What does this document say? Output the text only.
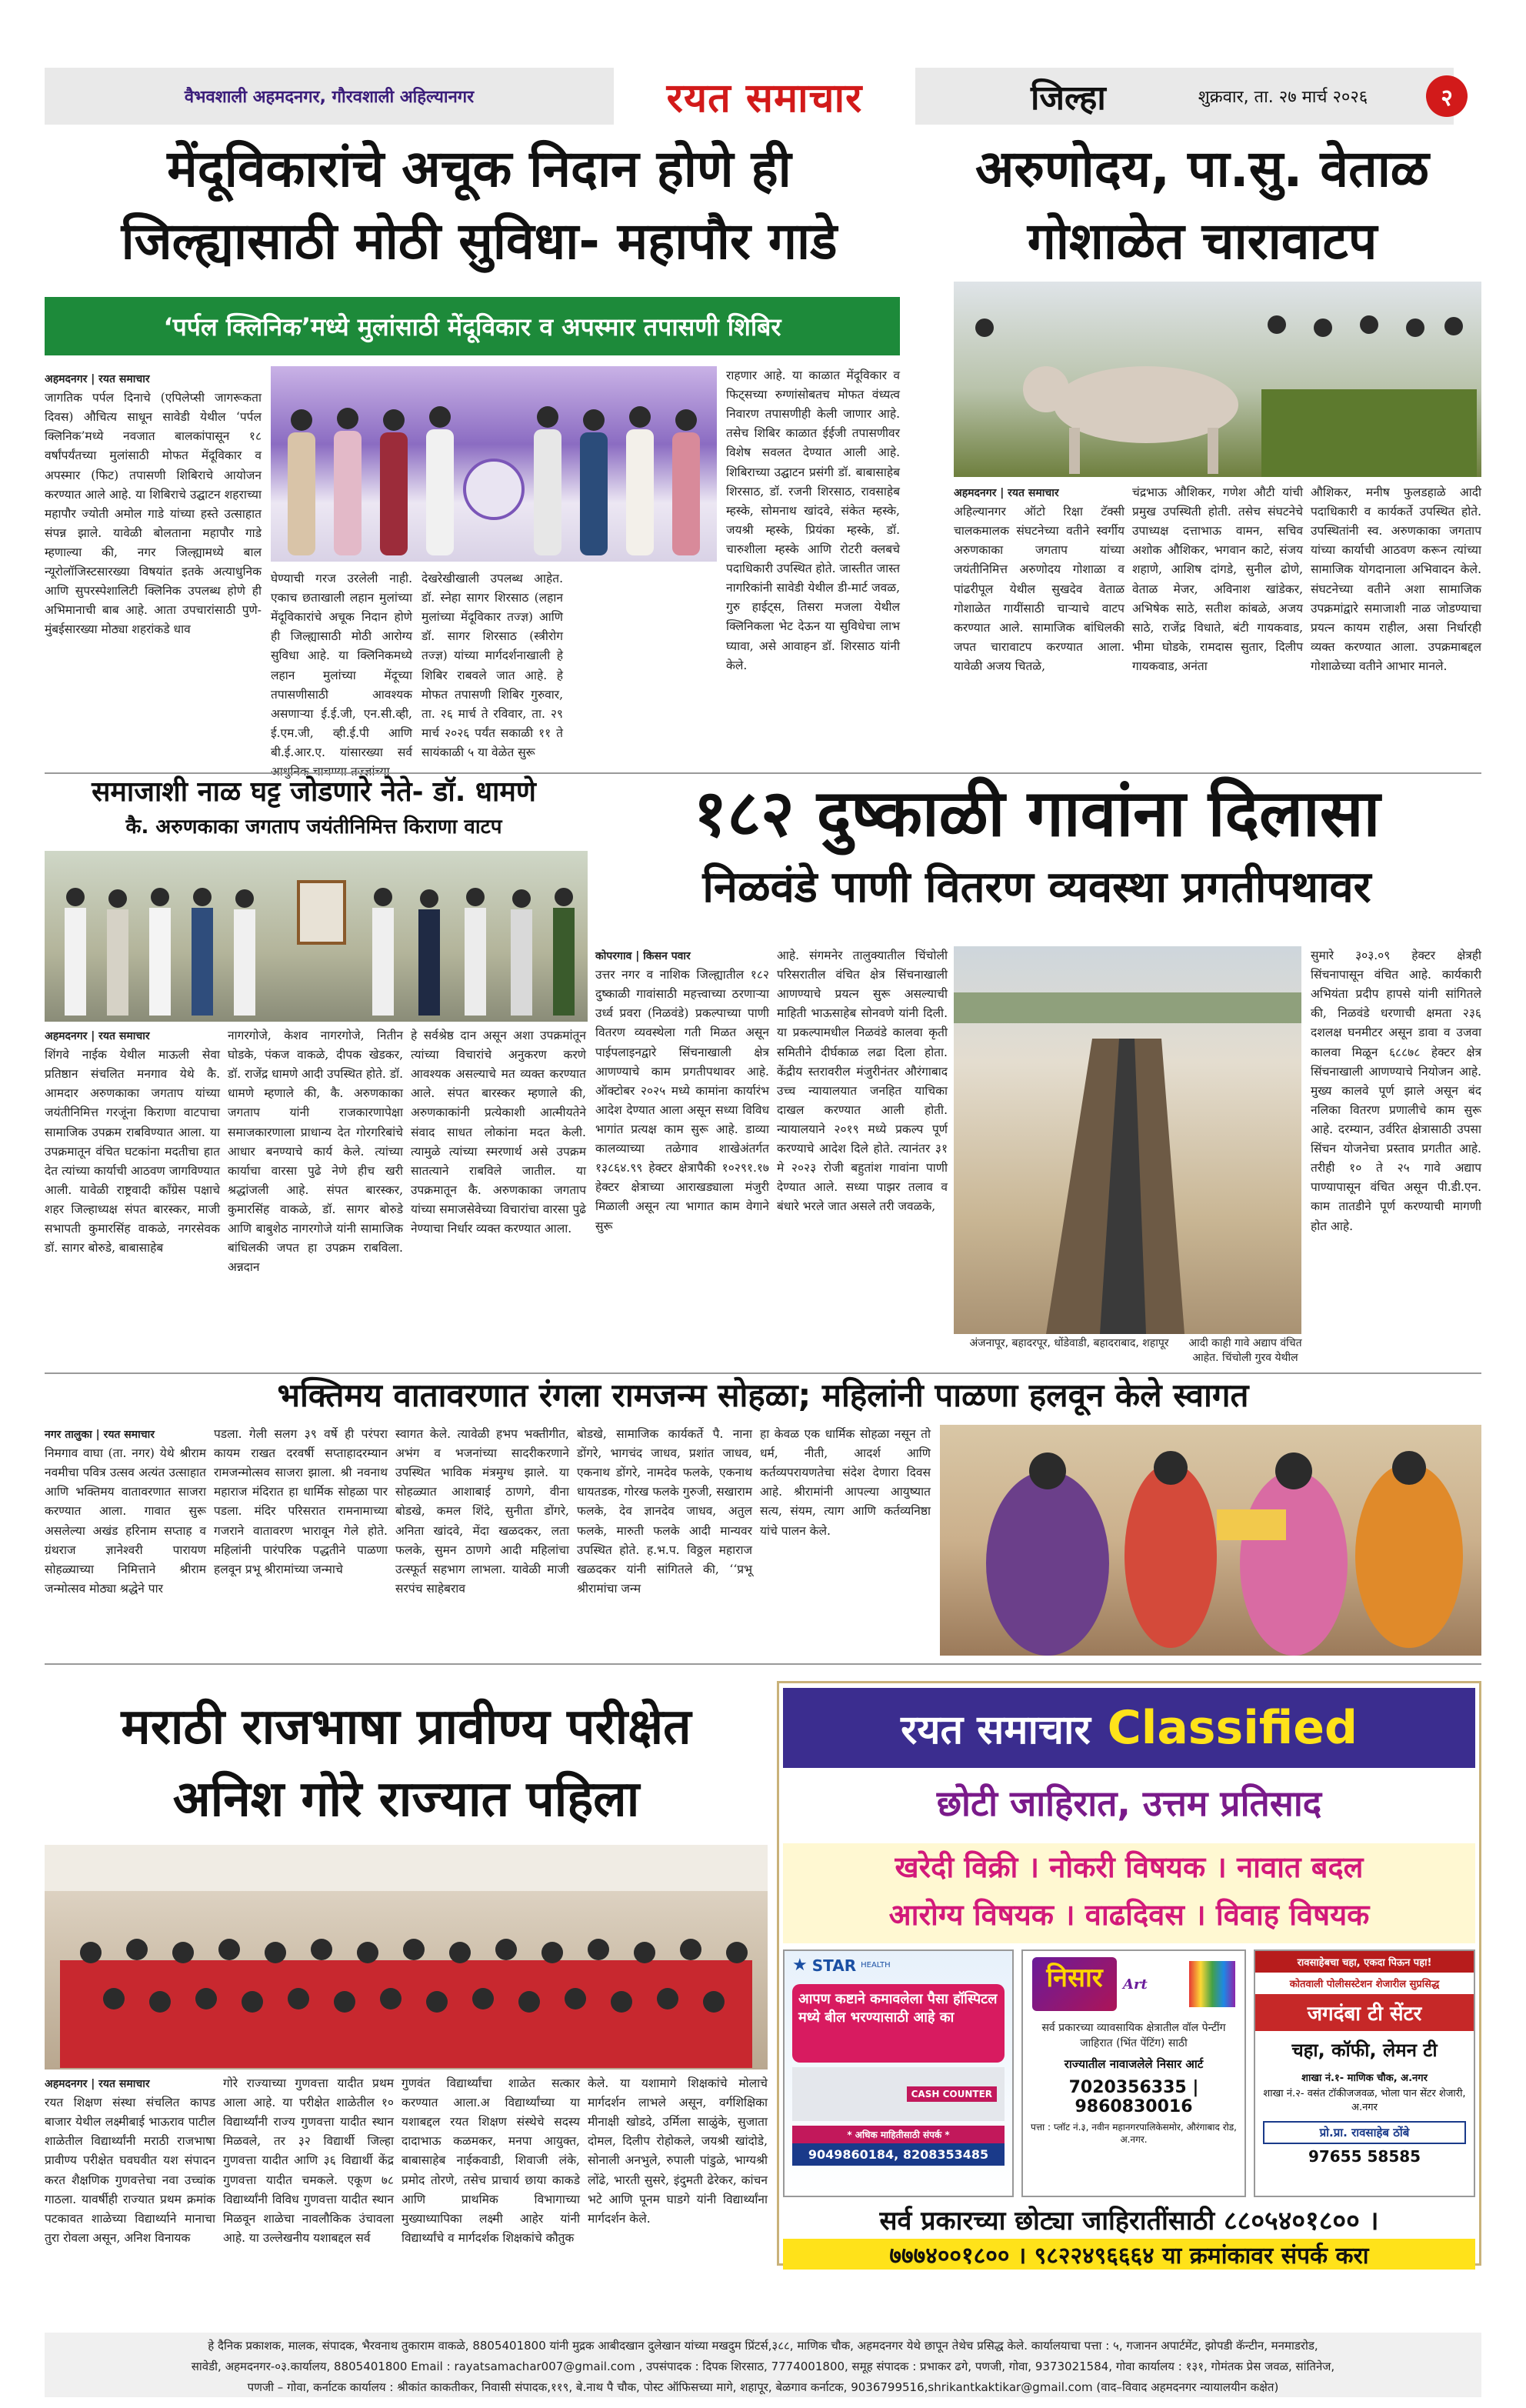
वैभवशाली अहमदनगर, गौरवशाली अहिल्यानगर	रयत समाचार	जिल्हा	शुक्रवार, ता. २७ मार्च २०२६	२
मेंदूविकारांचे अचूक निदान होणे ही
जिल्ह्यासाठी मोठी सुविधा- महापौर गाडे
‘पर्पल क्लिनिक’मध्ये मुलांसाठी मेंदूविकार व अपस्मार तपासणी शिबिर
अहमदनगर | रयत समाचार
जागतिक पर्पल दिनाचे (एपिलेप्सी जागरूकता दिवस) औचित्य साधून सावेडी येथील ‘पर्पल क्लिनिक’मध्ये नवजात बालकांपासून १८ वर्षांपर्यंतच्या मुलांसाठी मोफत मेंदूविकार व अपस्मार (फिट) तपासणी शिबिराचे आयोजन करण्यात आले आहे. या शिबिराचे उद्घाटन शहराच्या महापौर ज्योती अमोल गाडे यांच्या हस्ते उत्साहात संपन्न झाले. यावेळी बोलताना महापौर गाडे म्हणाल्या की, नगर जिल्ह्यामध्ये बाल न्यूरोलॉजिस्टसारख्या विषयांत इतके अत्याधुनिक आणि सुपरस्पेशालिटी क्लिनिक उपलब्ध होणे ही अभिमानाची बाब आहे. आता उपचारांसाठी पुणे-मुंबईसारख्या मोठ्या शहरांकडे धाव
घेण्याची गरज उरलेली नाही. एकाच छताखाली लहान मुलांच्या मेंदूविकारांचे अचूक निदान होणे ही जिल्ह्यासाठी मोठी आरोग्य सुविधा आहे. या क्लिनिकमध्ये लहान मुलांच्या मेंदूच्या तपासणीसाठी आवश्यक असणाऱ्या ई.ई.जी, एन.सी.व्ही, ई.एम.जी, व्ही.ई.पी आणि बी.ई.आर.ए. यांसारख्या सर्व
देखरेखीखाली उपलब्ध आहेत. डॉ. स्नेहा सागर शिरसाठ (लहान मुलांच्या मेंदूविकार तज्ज्ञ) आणि डॉ. सागर शिरसाठ (स्त्रीरोग तज्ज्ञ) यांच्या मार्गदर्शनाखाली हे शिबिर राबवले जात आहे. हे मोफत तपासणी शिबिर गुरुवार, ता. २६ मार्च ते रविवार, ता. २९ मार्च २०२६ पर्यंत सकाळी ११ ते सायंकाळी ५ या वेळेत सुरू
राहणार आहे. या काळात मेंदूविकार व फिट्सच्या रुग्णांसोबतच मोफत वंध्यत्व निवारण तपासणीही केली जाणार आहे. तसेच शिबिर काळात ईईजी तपासणीवर विशेष सवलत देण्यात आली आहे. शिबिराच्या उद्घाटन प्रसंगी डॉ. बाबासाहेब शिरसाठ, डॉ. रजनी शिरसाठ, रावसाहेब म्हस्के, सोमनाथ खांदवे, संकेत म्हस्के, जयश्री म्हस्के, प्रियंका म्हस्के, डॉ. चारुशीला म्हस्के आणि रोटरी क्लबचे पदाधिकारी उपस्थित होते. जास्तीत जास्त नागरिकांनी सावेडी येथील डी-मार्ट जवळ, गुरु हाईट्स, तिसरा मजला येथील क्लिनिकला भेट देऊन या सुविधेचा लाभ घ्यावा, असे आवाहन डॉ. शिरसाठ यांनी केले.
अरुणोदय, पा.सु. वेताळ
गोशाळेत चारावाटप
अहमदनगर | रयत समाचार
अहिल्यानगर ऑटो रिक्षा टॅक्सी चालकमालक संघटनेच्या वतीने स्वर्गीय अरुणकाका जगताप यांच्या जयंतीनिमित्त अरुणोदय गोशाळा व पांढरीपूल येथील सुखदेव वेताळ गोशाळेत गायींसाठी चाऱ्याचे वाटप करण्यात आले. सामाजिक बांधिलकी जपत चारावाटप करण्यात आला. यावेळी अजय चितळे,
चंद्रभाऊ औशिकर, गणेश औटी यांची प्रमुख उपस्थिती होती. तसेच संघटनेचे उपाध्यक्ष दत्ताभाऊ वामन, सचिव अशोक औशिकर, भगवान काटे, संजय शहाणे, आशिष दांगडे, सुनील ढोणे, वेताळ मेजर, अविनाश खांडेकर, अभिषेक साठे, सतीश कांबळे, अजय साठे, राजेंद्र विधाते, बंटी गायकवाड, भीमा घोडके, रामदास सुतार, दिलीप गायकवाड, अनंता
औशिकर, मनीष फुलडहाळे आदी पदाधिकारी व कार्यकर्ते उपस्थित होते. उपस्थितांनी स्व. अरुणकाका जगताप यांच्या कार्याची आठवण करून त्यांच्या सामाजिक योगदानाला अभिवादन केले. संघटनेच्या वतीने अशा सामाजिक उपक्रमांद्वारे समाजाशी नाळ जोडण्याचा प्रयत्न कायम राहील, असा निर्धारही व्यक्त करण्यात आला. उपक्रमाबद्दल गोशाळेच्या वतीने आभार मानले.
समाजाशी नाळ घट्ट जोडणारे नेते- डॉ. धामणे
कै. अरुणकाका जगताप जयंतीनिमित्त किराणा वाटप
अहमदनगर | रयत समाचार
शिंगवे नाईक येथील माऊली सेवा प्रतिष्ठान संचलित मनगाव येथे कै. आमदार अरुणकाका जगताप यांच्या जयंतीनिमित्त गरजूंना किराणा वाटपाचा सामाजिक उपक्रम राबविण्यात आला. या उपक्रमातून वंचित घटकांना मदतीचा हात देत त्यांच्या कार्याची आठवण जागविण्यात आली. यावेळी राष्ट्रवादी काँग्रेस पक्षाचे शहर जिल्हाध्यक्ष संपत बारस्कर, माजी सभापती कुमारसिंह वाकळे, नगरसेवक डॉ. सागर बोरुडे, बाबासाहेब
नागरगोजे, केशव नागरगोजे, नितीन घोडके, पंकज वाकळे, दीपक खेडकर, डॉ. राजेंद्र धामणे आदी उपस्थित होते. डॉ. धामणे म्हणाले की, कै. अरुणकाका जगताप यांनी राजकारणापेक्षा समाजकारणाला प्राधान्य देत गोरगरिबांचे आधार बनण्याचे कार्य केले. त्यांच्या कार्याचा वारसा पुढे नेणे हीच खरी श्रद्धांजली आहे. संपत बारस्कर, कुमारसिंह वाकळे, डॉ. सागर बोरुडे आणि बाबुशेठ नागरगोजे यांनी सामाजिक बांधिलकी जपत हा उपक्रम राबविला. अन्नदान
हे सर्वश्रेष्ठ दान असून अशा उपक्रमांतून त्यांच्या विचारांचे अनुकरण करणे आवश्यक असल्याचे मत व्यक्त करण्यात आले. संपत बारस्कर म्हणाले की, अरुणकाकांनी प्रत्येकाशी आत्मीयतेने संवाद साधत लोकांना मदत केली. त्यामुळे त्यांच्या स्मरणार्थ असे उपक्रम सातत्याने राबविले जातील. या उपक्रमातून कै. अरुणकाका जगताप यांच्या समाजसेवेच्या विचारांचा वारसा पुढे नेण्याचा निर्धार व्यक्त करण्यात आला.
१८२ दुष्काळी गावांना दिलासा
निळवंडे पाणी वितरण व्यवस्था प्रगतीपथावर
कोपरगाव | किसन पवार
उत्तर नगर व नाशिक जिल्ह्यातील १८२ दुष्काळी गावांसाठी महत्त्वाच्या ठरणाऱ्या उर्ध्व प्रवरा (निळवंडे) प्रकल्पाच्या पाणी वितरण व्यवस्थेला गती मिळत असून पाईपलाइनद्वारे सिंचनाखाली क्षेत्र आणण्याचे काम प्रगतीपथावर आहे. ऑक्टोबर २०२५ मध्ये कामांना कार्यारंभ आदेश देण्यात आला असून सध्या विविध भागांत प्रत्यक्ष काम सुरू आहे. डाव्या कालव्याच्या तळेगाव शाखेअंतर्गत १३८६४.९९ हेक्टर क्षेत्रापैकी १०२९१.१७ हेक्टर क्षेत्राच्या आराखड्याला मंजुरी मिळाली असून त्या भागात काम वेगाने सुरू
आहे. संगमनेर तालुक्यातील चिंचोली परिसरातील वंचित क्षेत्र सिंचनाखाली आणण्याचे प्रयत्न सुरू असल्याची माहिती भाऊसाहेब सोनवणे यांनी दिली. या प्रकल्पामधील निळवंडे कालवा कृती समितीने दीर्घकाळ लढा दिला होता. केंद्रीय स्तरावरील मंजुरीनंतर औरंगाबाद उच्च न्यायालयात जनहित याचिका दाखल करण्यात आली होती. न्यायालयाने २०१९ मध्ये प्रकल्प पूर्ण करण्याचे आदेश दिले होते. त्यानंतर ३१ मे २०२३ रोजी बहुतांश गावांना पाणी देण्यात आले. सध्या पाझर तलाव व बंधारे भरले जात असले तरी जवळके,
अंजनापूर, बहादरपूर, धोंडेवाडी, बहादराबाद, शहापूर	आदी काही गावे अद्याप वंचित आहेत. चिंचोली गुरव येथील
सुमारे ३०३.०९ हेक्टर क्षेत्रही सिंचनापासून वंचित आहे. कार्यकारी अभियंता प्रदीप हापसे यांनी सांगितले की, निळवंडे धरणाची क्षमता २३६ दशलक्ष घनमीटर असून डावा व उजवा कालवा मिळून ६८८७८ हेक्टर क्षेत्र सिंचनाखाली आणण्याचे नियोजन आहे. मुख्य कालवे पूर्ण झाले असून बंद नलिका वितरण प्रणालीचे काम सुरू आहे. दरम्यान, उर्वरित क्षेत्रासाठी उपसा सिंचन योजनेचा प्रस्ताव प्रगतीत आहे. तरीही १० ते २५ गावे अद्याप पाण्यापासून वंचित असून पी.डी.एन. काम तातडीने पूर्ण करण्याची मागणी होत आहे.
भक्तिमय वातावरणात रंगला रामजन्म सोहळा; महिलांनी पाळणा हलवून केले स्वागत
नगर तालुका | रयत समाचार
निमगाव वाघा (ता. नगर) येथे श्रीराम नवमीचा पवित्र उत्सव अत्यंत उत्साहात आणि भक्तिमय वातावरणात साजरा करण्यात आला. गावात सुरू असलेल्या अखंड हरिनाम सप्ताह व ग्रंथराज ज्ञानेश्वरी पारायण सोहळ्याच्या निमित्ताने श्रीराम जन्मोत्सव मोठ्या श्रद्धेने पार
पडला. गेली सलग ३९ वर्षे ही परंपरा कायम राखत दरवर्षी सप्ताहादरम्यान रामजन्मोत्सव साजरा झाला. श्री नवनाथ महाराज मंदिरात हा धार्मिक सोहळा पार पडला. मंदिर परिसरात रामनामाच्या गजराने वातावरण भारावून गेले होते. महिलांनी पारंपरिक पद्धतीने पाळणा हलवून प्रभू श्रीरामांच्या जन्माचे
स्वागत केले. त्यावेळी हभप भक्तीगीत, अभंग व भजनांच्या सादरीकरणाने उपस्थित भाविक मंत्रमुग्ध झाले. या सोहळ्यात आशाबाई ठाणगे, वीना बोडखे, कमल शिंदे, सुनीता डोंगरे, अनिता खांदवे, मेंदा खळदकर, लता फलके, सुमन ठाणगे आदी महिलांचा उत्स्फूर्त सहभाग लाभला. यावेळी माजी सरपंच साहेबराव
बोडखे, सामाजिक कार्यकर्ते पै. नाना डोंगरे, भागचंद जाधव, प्रशांत जाधव, एकनाथ डोंगरे, नामदेव फलके, एकनाथ धायतडक, गोरख फलके गुरुजी, सखाराम फलके, देव ज्ञानदेव जाधव, अतुल फलके, मारुती फलके आदी मान्यवर उपस्थित होते. ह.भ.प. विठ्ठल महाराज खळदकर यांनी सांगितले की, ‘‘प्रभू श्रीरामांचा जन्म
हा केवळ एक धार्मिक सोहळा नसून तो धर्म, नीती, आदर्श आणि कर्तव्यपरायणतेचा संदेश देणारा दिवस आहे. श्रीरामांनी आपल्या आयुष्यात सत्य, संयम, त्याग आणि कर्तव्यनिष्ठा यांचे पालन केले.
मराठी राजभाषा प्रावीण्य परीक्षेत
अनिश गोरे राज्यात पहिला
अहमदनगर | रयत समाचार
रयत शिक्षण संस्था संचलित कापड बाजार येथील लक्ष्मीबाई भाऊराव पाटील शाळेतील विद्यार्थ्यांनी मराठी राजभाषा प्रावीण्य परीक्षेत घवघवीत यश संपादन करत शैक्षणिक गुणवत्तेचा नवा उच्चांक गाठला. यावर्षीही राज्यात प्रथम क्रमांक पटकावत शाळेच्या विद्यार्थ्याने मानाचा तुरा रोवला असून, अनिश विनायक
गोरे राज्याच्या गुणवत्ता यादीत प्रथम आला आहे. या परीक्षेत शाळेतील १० विद्यार्थ्यांनी राज्य गुणवत्ता यादीत स्थान मिळवले, तर ३२ विद्यार्थी जिल्हा गुणवत्ता यादीत आणि ३६ विद्यार्थी केंद्र गुणवत्ता यादीत चमकले. एकूण ७८ विद्यार्थ्यांनी विविध गुणवत्ता यादीत स्थान मिळवून शाळेचा नावलौकिक उंचावला आहे. या उल्लेखनीय यशाबद्दल सर्व
गुणवंत विद्यार्थ्यांचा शाळेत सत्कार करण्यात आला.अ विद्यार्थ्यांच्या या यशाबद्दल रयत शिक्षण संस्थेचे सदस्य दादाभाऊ कळमकर, मनपा आयुक्त, बाबासाहेब नाईकवाडी, शिवाजी लंके, प्रमोद तोरणे, तसेच प्राचार्य छाया काकडे आणि प्राथमिक विभागाच्या मुख्याध्यापिका लक्ष्मी आहेर यांनी विद्यार्थ्यांचे व मार्गदर्शक शिक्षकांचे कौतुक
केले. या यशामागे शिक्षकांचे मोलाचे मार्गदर्शन लाभले असून, वर्गशिक्षिका मीनाक्षी खोडदे, उर्मिला साळुंके, सुजाता दोमल, दिलीप रोहोकले, जयश्री खांदोडे, सोनाली अनभुले, रुपाली पांडुळे, भाग्यश्री लोंढे, भारती सुसरे, इंदुमती ढेरेकर, कांचन भटे आणि पूनम घाडगे यांनी विद्यार्थ्यांना मार्गदर्शन केले.
रयत समाचार Classified
छोटी जाहिरात, उत्तम प्रतिसाद
खरेदी विक्री । नोकरी विषयक । नावात बदल
आरोग्य विषयक । वाढदिवस । विवाह विषयक
★ STAR HEALTH
आपण कष्टाने कमावलेला पैसा हॉस्पिटल मध्ये बील भरण्यासाठी आहे का
CASH COUNTER
* अधिक माहितीसाठी संपर्क *
9049860184, 8208353485
निसार	Art
सर्व प्रकारच्या व्यावसायिक क्षेत्रातील वॉल पेन्टींग जाहिरात (भिंत पेंटिंग) साठी
राज्यातील नावाजलेले निसार आर्ट
7020356335 | 9860830016
पत्ता : प्लॉट नं.३, नवीन महानगरपालिकेसमोर, औरंगाबाद रोड, अ.नगर.
रावसाहेबचा चहा, एकदा पिऊन पहा!
कोतवाली पोलीसस्टेशन शेजारील सुप्रसिद्ध
जगदंबा टी सेंटर
चहा, कॉफी, लेमन टी
शाखा नं.१- माणिक चौक, अ.नगर
शाखा नं.२- वसंत टॉकीजजवळ, भोला पान सेंटर शेजारी, अ.नगर
प्रो.प्रा. रावसाहेब ठोंबे
97655 58585
सर्व प्रकारच्या छोट्या जाहिरातींसाठी ८८०५४०१८०० ।
७७७४००१८०० । ९८२२४९६६६४ या क्रमांकावर संपर्क करा
हे दैनिक प्रकाशक, मालक, संपादक, भैरवनाथ तुकाराम वाकळे, 8805401800 यांनी मुद्रक आबीदखान दुलेखान यांच्या मखदुम प्रिंटर्स,३८८, माणिक चौक, अहमदनगर येथे छापून तेथेच प्रसिद्ध केले. कार्यालयाचा पत्ता : ५, गजानन अपार्टमेंट, झोपडी कॅन्टीन, मनमाडरोड,
सावेडी, अहमदनगर-०३.कार्यालय, 8805401800 Email : rayatsamachar007@gmail.com , उपसंपादक : दिपक शिरसाठ, 7774001800, समूह संपादक : प्रभाकर ढगे, पणजी, गोवा, 9373021584, गोवा कार्यालय : १३१, गोमंतक प्रेस जवळ, सांतिनेज,
पणजी – गोवा, कर्नाटक कार्यालय : श्रीकांत काकतीकर, निवासी संपादक,११९, बे.नाथ पै चौक, पोस्ट ऑफिसच्या मागे, शहापूर, बेळगाव कर्नाटक, 9036799516,shrikantkaktikar@gmail.com (वाद–विवाद अहमदनगर न्यायालयीन कक्षेत)
